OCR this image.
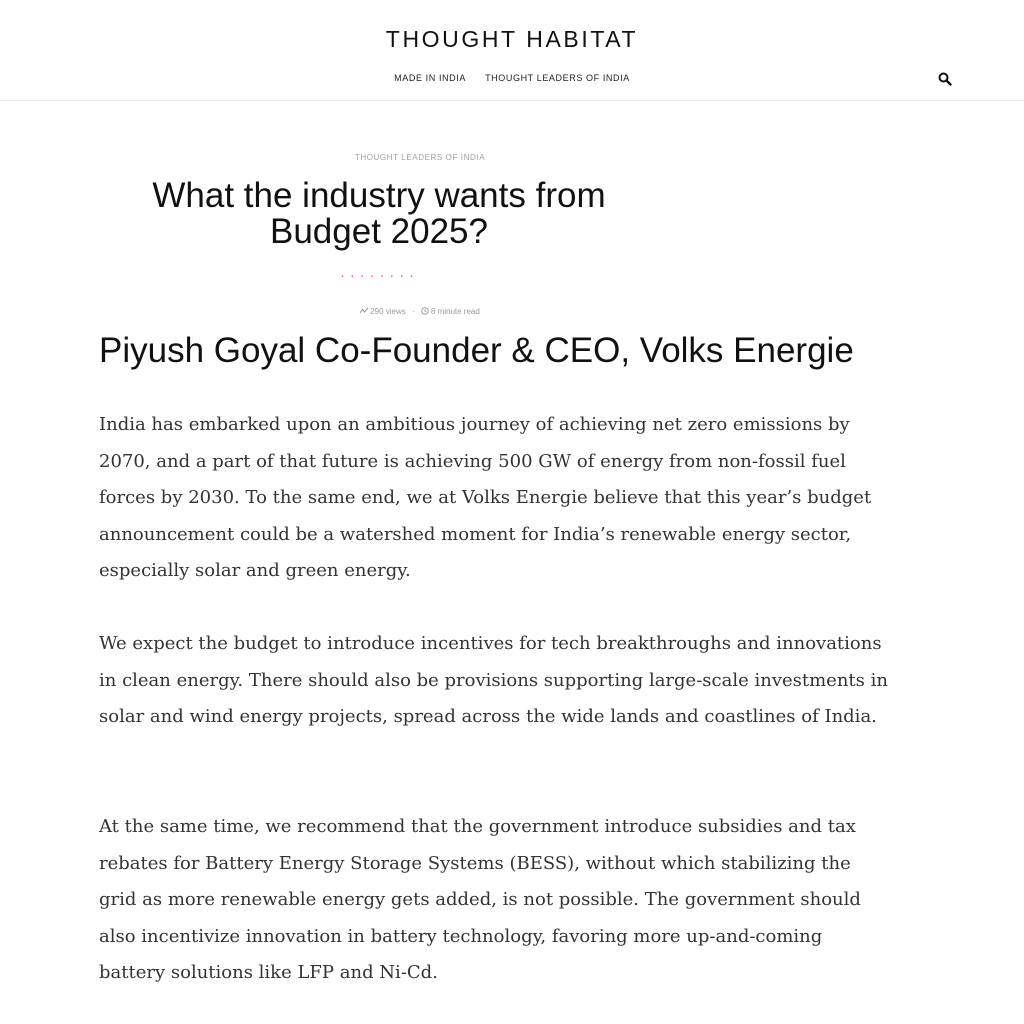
THOUGHT HABITAT
MADE IN INDIA THOUGHT LEADERS OF INDIA
THOUGHT LEADERS OF INDIA
What the industry wants from Budget 2025?
........
290 views · 8 minute read
Piyush Goyal Co-Founder & CEO, Volks Energie

India has embarked upon an ambitious journey of achieving net zero emissions by 2070, and a part of that future is achieving 500 GW of energy from non-fossil fuel forces by 2030. To the same end, we at Volks Energie believe that this year’s budget announcement could be a watershed moment for India’s renewable energy sector, especially solar and green energy.

We expect the budget to introduce incentives for tech breakthroughs and innovations in clean energy. There should also be provisions supporting large-scale investments in solar and wind energy projects, spread across the wide lands and coastlines of India.

At the same time, we recommend that the government introduce subsidies and tax rebates for Battery Energy Storage Systems (BESS), without which stabilizing the grid as more renewable energy gets added, is not possible. The government should also incentivize innovation in battery technology, favoring more up-and-coming battery solutions like LFP and Ni-Cd.
